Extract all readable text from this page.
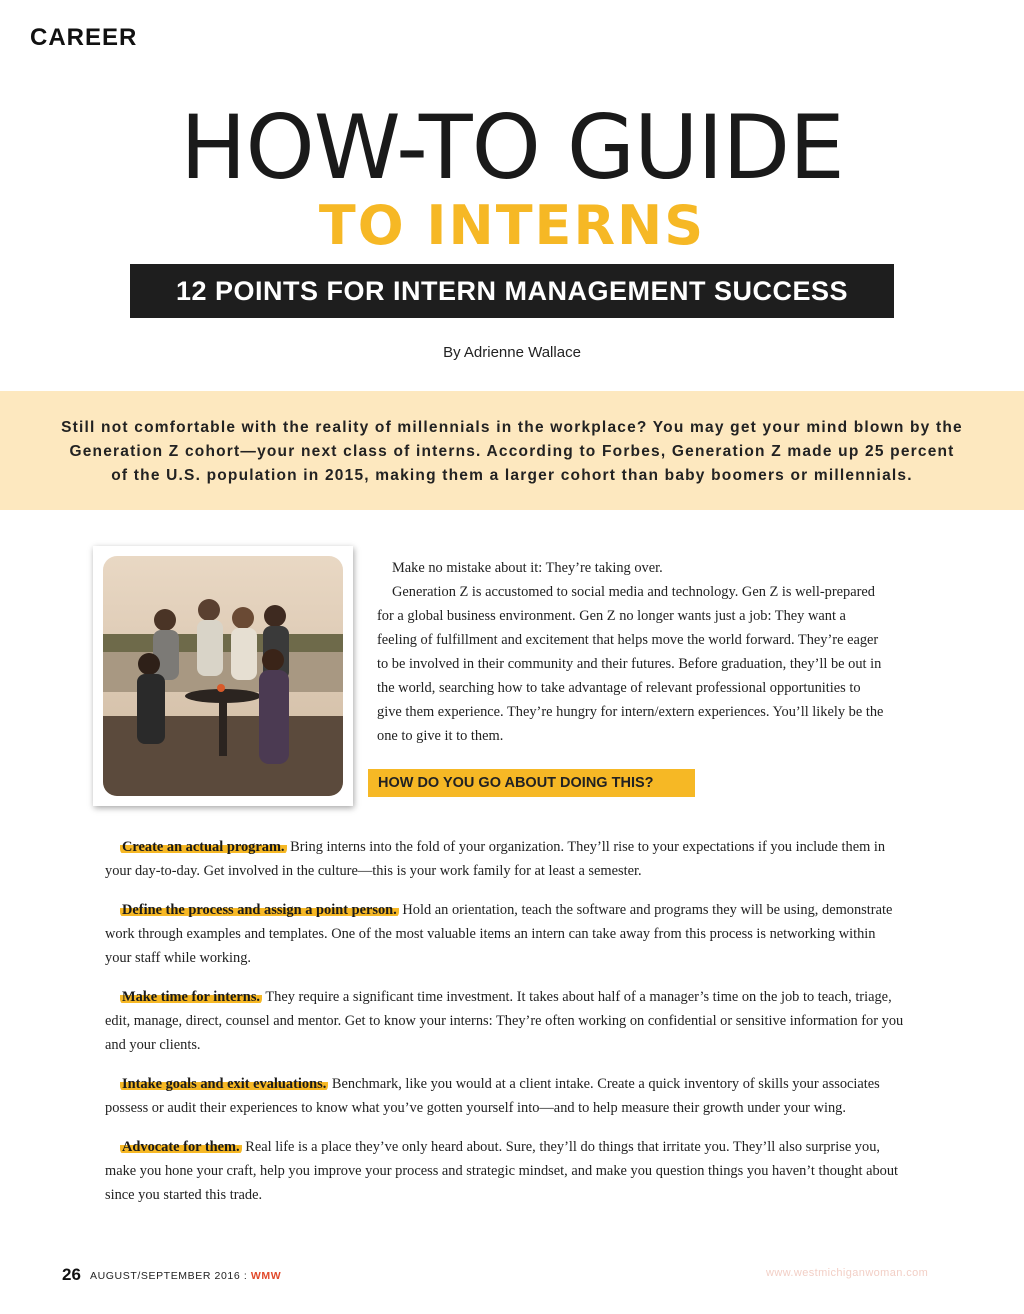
CAREER
HOW-TO GUIDE
TO INTERNS
12 POINTS FOR INTERN MANAGEMENT SUCCESS
By Adrienne Wallace
Still not comfortable with the reality of millennials in the workplace? You may get your mind blown by the Generation Z cohort—your next class of interns. According to Forbes, Generation Z made up 25 percent of the U.S. population in 2015, making them a larger cohort than baby boomers or millennials.

Make no mistake about it: They’re taking over.

Generation Z is accustomed to social media and technology. Gen Z is well-prepared for a global business environment. Gen Z no longer wants just a job: They want a feeling of fulfillment and excitement that helps move the world forward. They’re eager to be involved in their community and their futures. Before graduation, they’ll be out in the world, searching how to take advantage of relevant professional opportunities to give them experience. They’re hungry for intern/extern experiences. You’ll likely be the one to give it to them.

HOW DO YOU GO ABOUT DOING THIS?

Create an actual program. Bring interns into the fold of your organization. They’ll rise to your expectations if you include them in your day-to-day. Get involved in the culture—this is your work family for at least a semester.

Define the process and assign a point person. Hold an orientation, teach the software and programs they will be using, demonstrate work through examples and templates. One of the most valuable items an intern can take away from this process is networking within your staff while working.

Make time for interns. They require a significant time investment. It takes about half of a manager’s time on the job to teach, triage, edit, manage, direct, counsel and mentor. Get to know your interns: They’re often working on confidential or sensitive information for you and your clients.

Intake goals and exit evaluations. Benchmark, like you would at a client intake. Create a quick inventory of skills your associates possess or audit their experiences to know what you’ve gotten yourself into—and to help measure their growth under your wing.

Advocate for them. Real life is a place they’ve only heard about. Sure, they’ll do things that irritate you. They’ll also surprise you, make you hone your craft, help you improve your process and strategic mindset, and make you question things you haven’t thought about since you started this trade.

26 AUGUST/SEPTEMBER 2016 : WMW	www.westmichiganwoman.com
